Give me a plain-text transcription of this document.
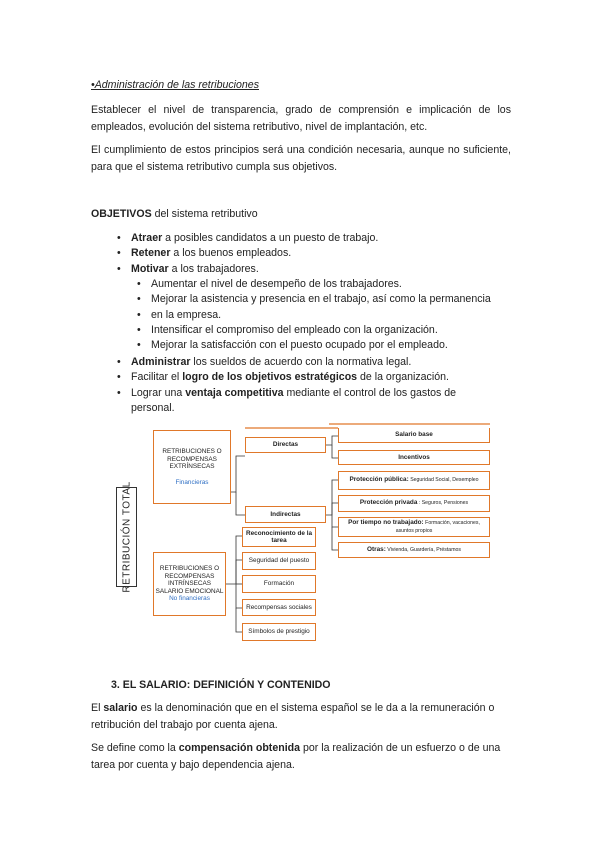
•Administración de las retribuciones

Establecer el nivel de transparencia, grado de comprensión e implicación de los empleados, evolución del sistema retributivo, nivel de implantación, etc.

El cumplimiento de estos principios será una condición necesaria, aunque no suficiente, para que el sistema retributivo cumpla sus objetivos.

OBJETIVOS del sistema retributivo

• Atraer a posibles candidatos a un puesto de trabajo.
• Retener a los buenos empleados.
• Motivar a los trabajadores.
• Aumentar el nivel de desempeño de los trabajadores.
• Mejorar la asistencia y presencia en el trabajo, así como la permanencia
• en la empresa.
• Intensificar el compromiso del empleado con la organización.
• Mejorar la satisfacción con el puesto ocupado por el empleado.
• Administrar los sueldos de acuerdo con la normativa legal.
• Facilitar el logro de los objetivos estratégicos de la organización.
• Lograr una ventaja competitiva mediante el control de los gastos de
personal.
RETRIBUCIÓN TOTAL
RETRIBUCIONES O RECOMPENSAS EXTRÍNSECAS
Financieras
RETRIBUCIONES O RECOMPENSAS INTRÍNSECAS
SALARIO EMOCIONAL
No financieras
Directas
Indirectas
Salario base
Incentivos
Protección pública: Seguridad Social, Desempleo
Protección privada : Seguros, Pensiones
Por tiempo no trabajado: Formación, vacaciones, asuntos propios
Otras: Vivienda, Guardería, Préstamos
Reconocimiento de la tarea
Seguridad del puesto
Formación
Recompensas sociales
Símbolos de prestigio

3. EL SALARIO: DEFINICIÓN Y CONTENIDO

El salario es la denominación que en el sistema español se le da a la remuneración o retribución del trabajo por cuenta ajena.

Se define como la compensación obtenida por la realización de un esfuerzo o de una tarea por cuenta y bajo dependencia ajena.
